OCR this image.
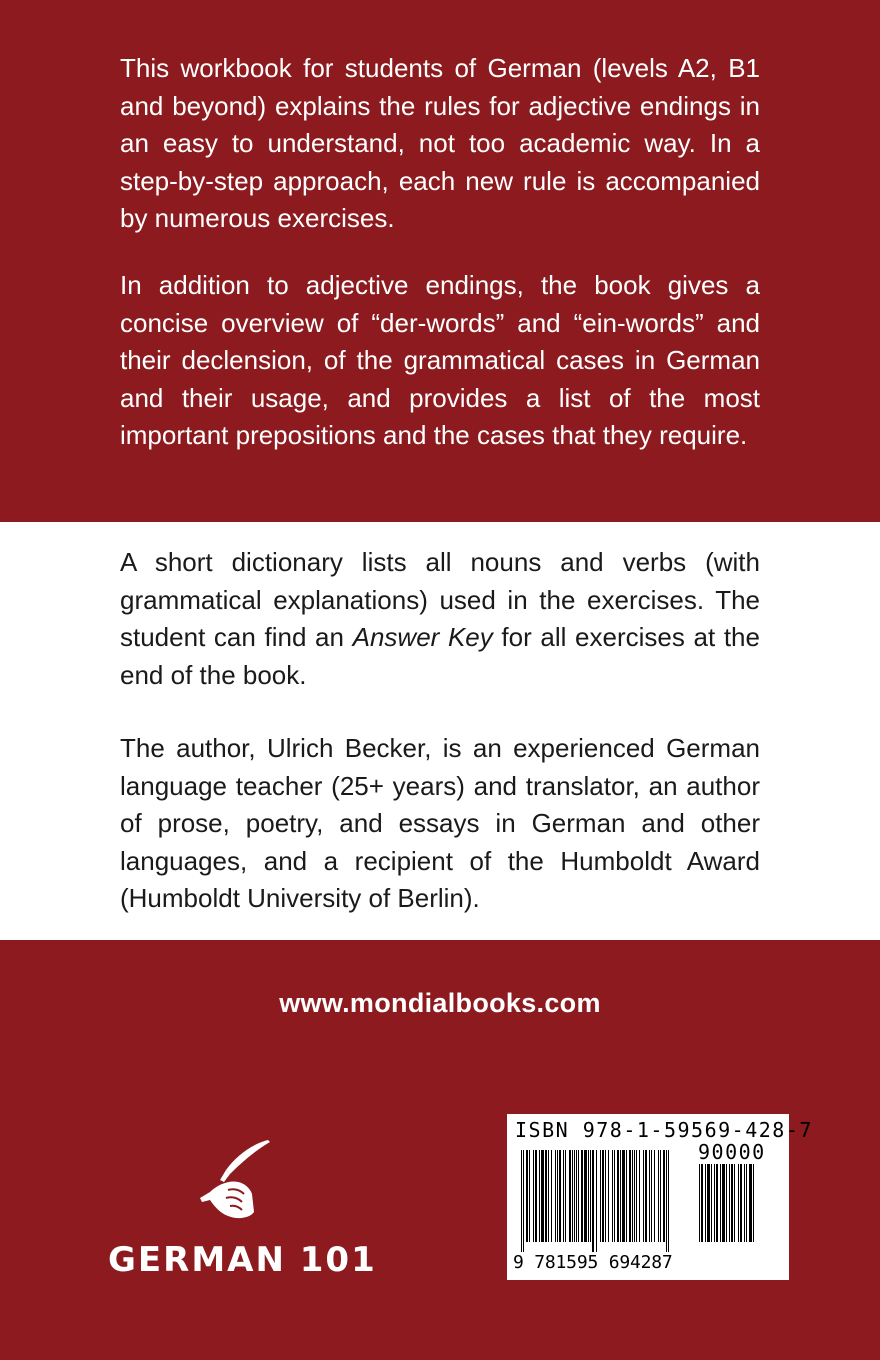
This workbook for students of German (levels A2, B1 and beyond) explains the rules for adjective endings in an easy to understand, not too academic way. In a step-by-step approach, each new rule is accompanied by numerous exercises.

In addition to adjective endings, the book gives a concise overview of “der-words” and “ein-words” and their declension, of the grammatical cases in German and their usage, and provides a list of the most important prepositions and the cases that they require.

A short dictionary lists all nouns and verbs (with grammatical explanations) used in the exercises. The student can find an Answer Key for all exercises at the end of the book.

The author, Ulrich Becker, is an experienced German language teacher (25+ years) and translator, an author of prose, poetry, and essays in German and other languages, and a recipient of the Humboldt Award (Humboldt University of Berlin).

www.mondialbooks.com
GERMAN 101
ISBN 978-1-59569-428-7
90000
9 781595 694287
